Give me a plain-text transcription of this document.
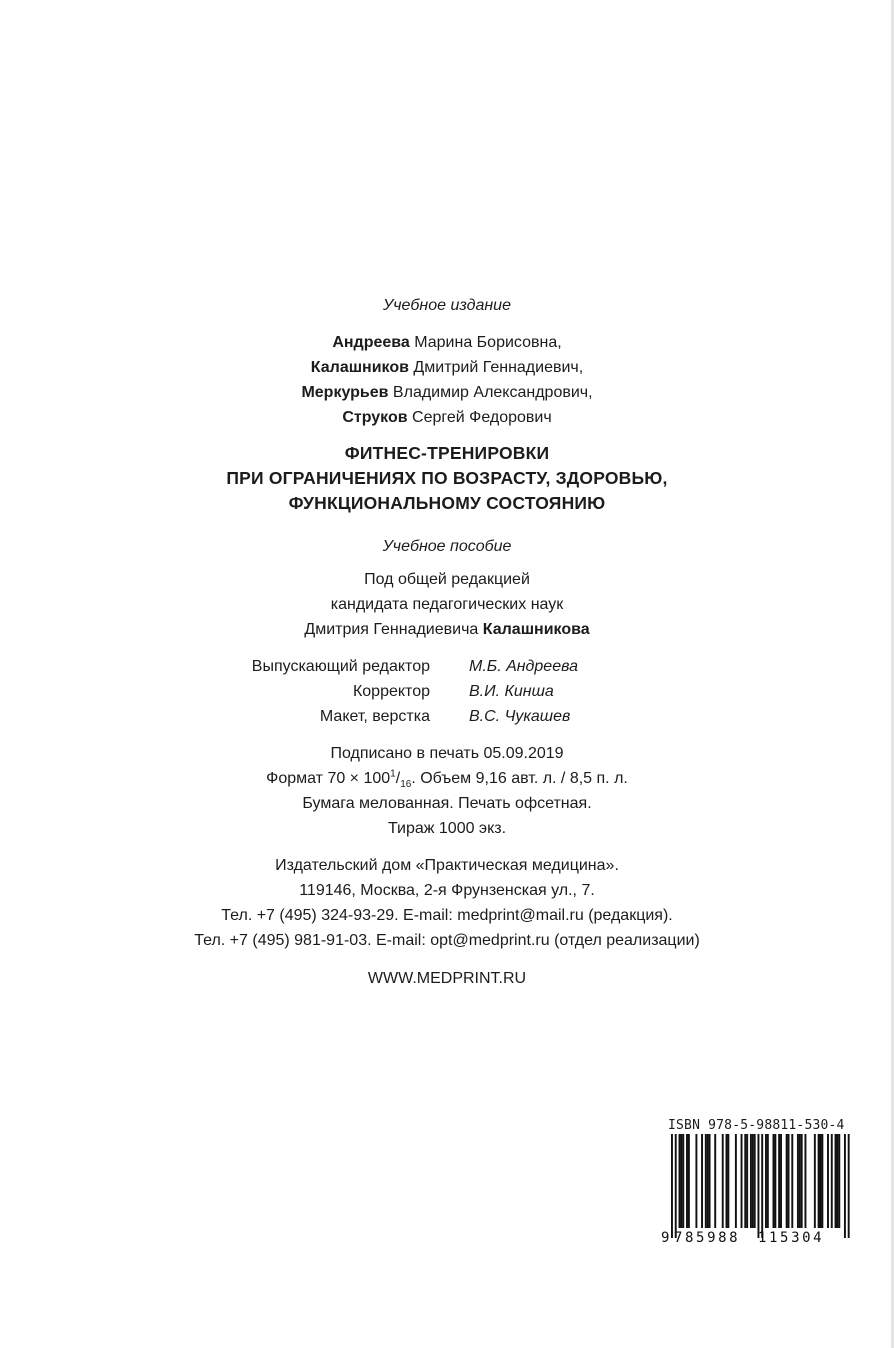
Учебное издание
Андреева Марина Борисовна,
Калашников Дмитрий Геннадиевич,
Меркурьев Владимир Александрович,
Струков Сергей Федорович
ФИТНЕС-ТРЕНИРОВКИ
ПРИ ОГРАНИЧЕНИЯХ ПО ВОЗРАСТУ, ЗДОРОВЬЮ,
ФУНКЦИОНАЛЬНОМУ СОСТОЯНИЮ
Учебное пособие
Под общей редакцией
кандидата педагогических наук
Дмитрия Геннадиевича Калашникова
Выпускающий редактор М.Б. Андреева
Корректор В.И. Кинша
Макет, верстка В.С. Чукашев
Подписано в печать 05.09.2019
Формат $70 \times 100^1/_{16}$. Объем 9,16 авт. л. / 8,5 п. л.
Бумага мелованная. Печать офсетная.
Тираж 1000 экз.
Издательский дом «Практическая медицина».
119146, Москва, 2-я Фрунзенская ул., 7.
Тел. +7 (495) 324-93-29. E-mail: medprint@mail.ru (редакция).
Тел. +7 (495) 981-91-03. E-mail: opt@medprint.ru (отдел реализации)
WWW.MEDPRINT.RU
ISBN 978-5-98811-530-4
9 785988 115304
